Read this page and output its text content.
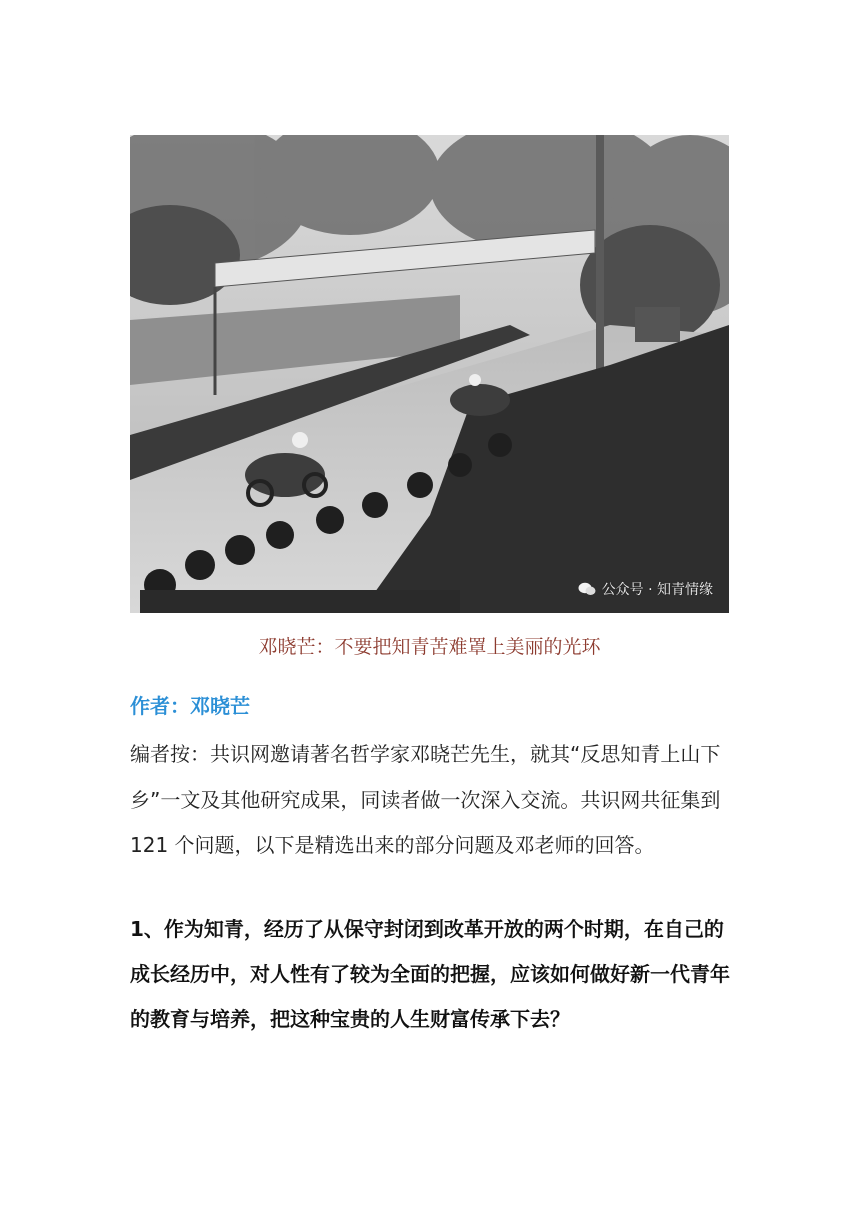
公众号 · 知青情缘
邓晓芒：不要把知青苦难罩上美丽的光环
作者：邓晓芒

编者按：共识网邀请著名哲学家邓晓芒先生，就其“反思知青上山下乡”一文及其他研究成果，同读者做一次深入交流。共识网共征集到 121 个问题，以下是精选出来的部分问题及邓老师的回答。

1、作为知青，经历了从保守封闭到改革开放的两个时期，在自己的成长经历中，对人性有了较为全面的把握，应该如何做好新一代青年的教育与培养，把这种宝贵的人生财富传承下去？
